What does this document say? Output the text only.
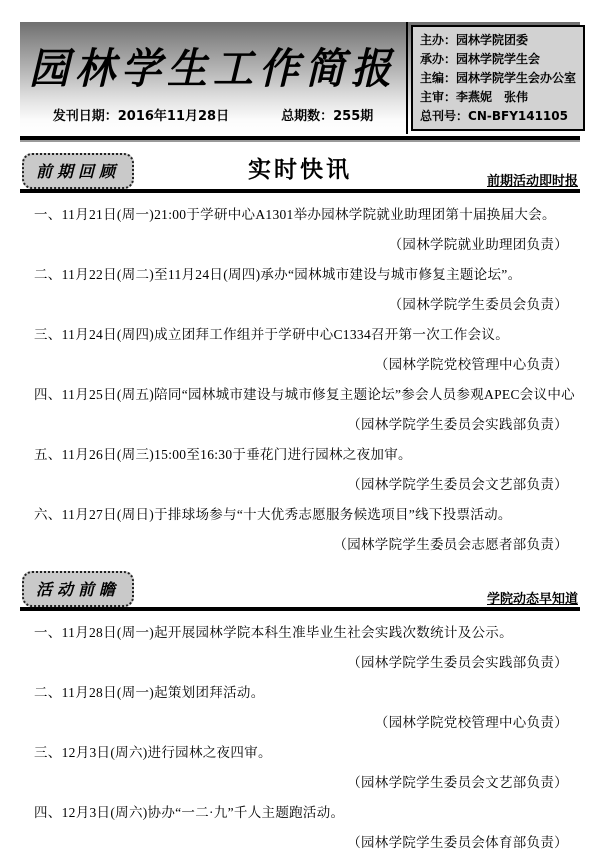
园林学生工作简报
发刊日期：2016年11月28日	总期数：255期
主办：园林学院团委
承办：园林学院学生会
主编：园林学院学生会办公室
主审：李燕妮　张伟
总刊号：CN-BFY141105
前期回顾	实时快讯	前期活动即时报

一、11月21日(周一)21:00于学研中心A1301举办园林学院就业助理团第十届换届大会。

（园林学院就业助理团负责）

二、11月22日(周二)至11月24日(周四)承办“园林城市建设与城市修复主题论坛”。

（园林学院学生委员会负责）

三、11月24日(周四)成立团拜工作组并于学研中心C1334召开第一次工作会议。

（园林学院党校管理中心负责）

四、11月25日(周五)陪同“园林城市建设与城市修复主题论坛”参会人员参观APEC会议中心

（园林学院学生委员会实践部负责）

五、11月26日(周三)15:00至16:30于垂花门进行园林之夜加审。

（园林学院学生委员会文艺部负责）

六、11月27日(周日)于排球场参与“十大优秀志愿服务候选项目”线下投票活动。

（园林学院学生委员会志愿者部负责）

活动前瞻
学院动态早知道

一、11月28日(周一)起开展园林学院本科生准毕业生社会实践次数统计及公示。

（园林学院学生委员会实践部负责）

二、11月28日(周一)起策划团拜活动。

（园林学院党校管理中心负责）

三、12月3日(周六)进行园林之夜四审。

（园林学院学生委员会文艺部负责）

四、12月3日(周六)协办“一二·九”千人主题跑活动。

（园林学院学生委员会体育部负责）
